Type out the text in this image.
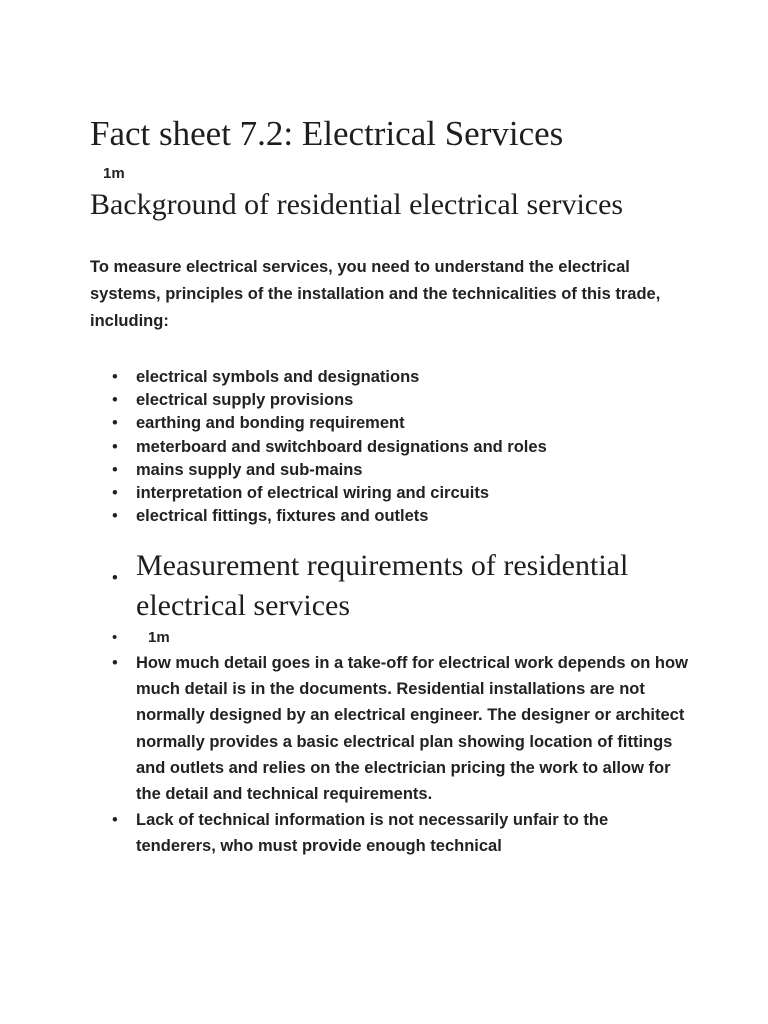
Fact sheet 7.2: Electrical Services
1m
Background of residential electrical services

To measure electrical services, you need to understand the electrical systems, principles of the installation and the technicalities of this trade, including:

• electrical symbols and designations
• electrical supply provisions
• earthing and bonding requirement
• meterboard and switchboard designations and roles
• mains supply and sub-mains
• interpretation of electrical wiring and circuits
• electrical fittings, fixtures and outlets
• Measurement requirements of residential electrical services
• 1m
• How much detail goes in a take-off for electrical work depends on how much detail is in the documents. Residential installations are not normally designed by an electrical engineer. The designer or architect normally provides a basic electrical plan showing location of fittings and outlets and relies on the electrician pricing the work to allow for the detail and technical requirements.
• Lack of technical information is not necessarily unfair to the tenderers, who must provide enough technical
